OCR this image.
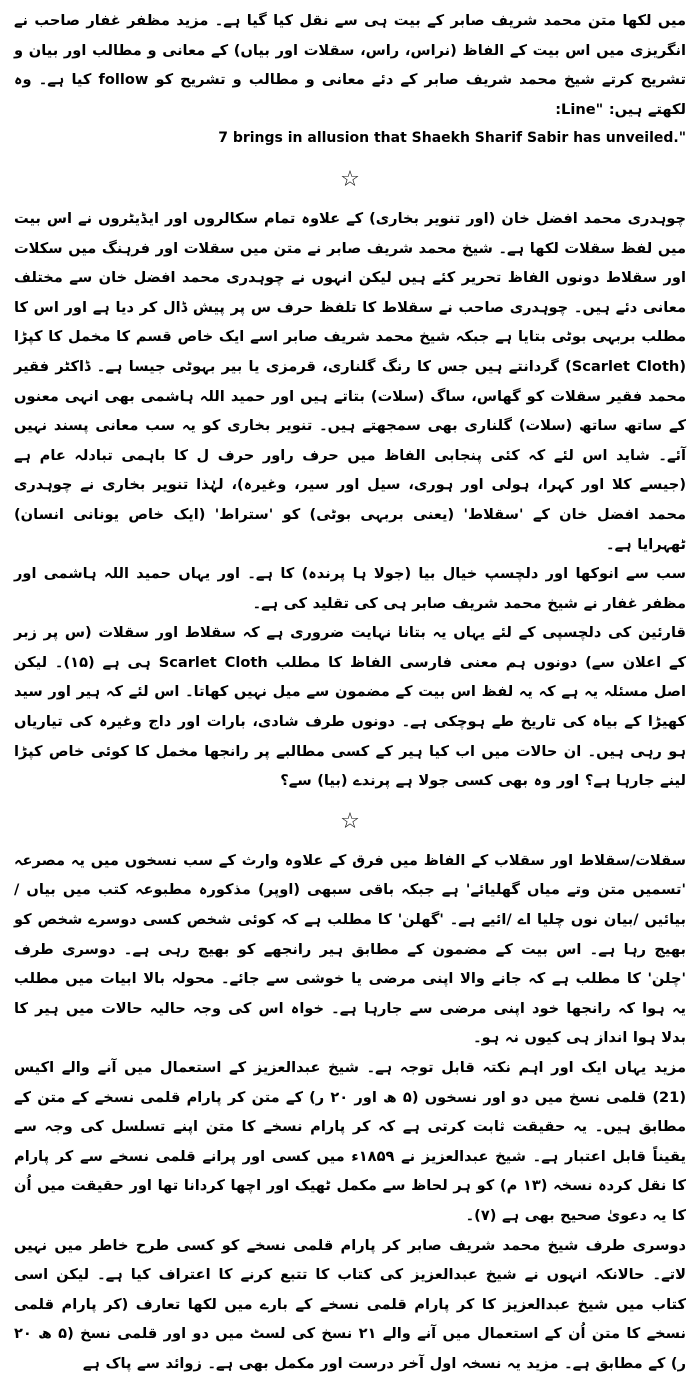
میں لکھا متن محمد شریف صابر کے بیت ہی سے نقل کیا گیا ہے۔ مزید مظفر غفار صاحب نے انگریزی میں اس بیت کے الفاظ (نراس، راس، سقلات اور بیاں) کے معانی و مطالب اور بیان و تشریح کرتے شیخ محمد شریف صابر کے دئے معانی و مطالب و تشریح کو follow کیا ہے۔ وہ لکھتے ہیں: "Line:

7 brings in allusion that Shaekh Sharif Sabir has unveiled."

☆

چوہدری محمد افضل خان (اور تنویر بخاری) کے علاوہ تمام سکالروں اور ایڈیٹروں نے اس بیت میں لفظ سقلات لکھا ہے۔ شیخ محمد شریف صابر نے متن میں سقلات اور فرہنگ میں سکلات اور سقلاط دونوں الفاظ تحریر کئے ہیں لیکن انہوں نے چوہدری محمد افضل خان سے مختلف معانی دئے ہیں۔ چوہدری صاحب نے سقلاط کا تلفظ حرف س پر پیش ڈال کر دیا ہے اور اس کا مطلب بربہی بوٹی بتایا ہے جبکہ شیخ محمد شریف صابر اسے ایک خاص قسم کا مخمل کا کپڑا (Scarlet Cloth) گردانتے ہیں جس کا رنگ گلناری، قرمزی یا بیر بہوٹی جیسا ہے۔ ڈاکٹر فقیر محمد فقیر سقلات کو گھاس، ساگ (سلات) بتاتے ہیں اور حمید اللہ ہاشمی بھی انہی معنوں کے ساتھ ساتھ (سلات) گلناری بھی سمجھتے ہیں۔ تنویر بخاری کو یہ سب معانی پسند نہیں آئے۔ شاید اس لئے کہ کئی پنجابی الفاظ میں حرف راور حرف ل کا باہمی تبادلہ عام ہے (جیسے کلا اور کہرا، ہولی اور ہوری، سیل اور سیر، وغیرہ)، لہٰذا تنویر بخاری نے چوہدری محمد افضل خان کے 'سقلاط' (یعنی بربہی بوٹی) کو 'ستراط' (ایک خاص یونانی انسان) ٹھہرایا ہے۔

سب سے انوکھا اور دلچسپ خیال بیا (جولا ہا پرندہ) کا ہے۔ اور یہاں حمید اللہ ہاشمی اور مظفر غفار نے شیخ محمد شریف صابر ہی کی تقلید کی ہے۔

قارئین کی دلچسپی کے لئے یہاں یہ بتانا نہایت ضروری ہے کہ سقلاط اور سقلات (س پر زبر کے اعلان سے) دونوں ہم معنی فارسی الفاظ کا مطلب Scarlet Cloth ہی ہے (۱۵)۔ لیکن اصل مسئلہ یہ ہے کہ یہ لفظ اس بیت کے مضمون سے میل نہیں کھاتا۔ اس لئے کہ ہیر اور سید کھیڑا کے بیاہ کی تاریخ طے ہوچکی ہے۔ دونوں طرف شادی، بارات اور داج وغیرہ کی تیاریاں ہو رہی ہیں۔ ان حالات میں اب کیا ہیر کے کسی مطالبے پر رانجھا مخمل کا کوئی خاص کپڑا لینے جارہا ہے؟ اور وہ بھی کسی جولا ہے پرندے (بیا) سے؟

☆

سقلات/سقلاط اور سقلاب کے الفاظ میں فرق کے علاوہ وارث کے سب نسخوں میں یہ مصرعہ 'تسمیں متن وتے میاں گھلیائے' ہے جبکہ باقی سبھی (اوپر) مذکورہ مطبوعہ کتب میں بیاں /بیائیں /بیان نوں چلیا اے /ائیے ہے۔ 'گھلن' کا مطلب ہے کہ کوئی شخص کسی دوسرے شخص کو بھیج رہا ہے۔ اس بیت کے مضمون کے مطابق ہیر رانجھے کو بھیج رہی ہے۔ دوسری طرف 'چلن' کا مطلب ہے کہ جانے والا اپنی مرضی یا خوشی سے جائے۔ محولہ بالا ابیات میں مطلب یہ ہوا کہ رانجھا خود اپنی مرضی سے جارہا ہے۔ خواہ اس کی وجہ حالیہ حالات میں ہیر کا بدلا ہوا انداز ہی کیوں نہ ہو۔

مزید یہاں ایک اور اہم نکتہ قابل توجہ ہے۔ شیخ عبدالعزیز کے استعمال میں آنے والے اکیس (21) قلمی نسخ میں دو اور نسخوں (۵ ھ اور ۲۰ ر) کے متن کر پارام قلمی نسخے کے متن کے مطابق ہیں۔ یہ حقیقت ثابت کرتی ہے کہ کر پارام نسخے کا متن اپنے تسلسل کی وجہ سے یقیناً قابل اعتبار ہے۔ شیخ عبدالعزیز نے ۱۸۵۹ء میں کسی اور پرانے قلمی نسخے سے کر پارام کا نقل کردہ نسخہ (۱۳ م) کو ہر لحاظ سے مکمل ٹھیک اور اچھا کردانا تھا اور حقیقت میں اُن کا یہ دعویٰ صحیح بھی ہے (۷)۔

دوسری طرف شیخ محمد شریف صابر کر پارام قلمی نسخے کو کسی طرح خاطر میں نہیں لاتے۔ حالانکہ انہوں نے شیخ عبدالعزیز کی کتاب کا تتبع کرنے کا اعتراف کیا ہے۔ لیکن اسی کتاب میں شیخ عبدالعزیز کا کر پارام قلمی نسخے کے بارے میں لکھا تعارف (کر پارام قلمی نسخے کا متن اُن کے استعمال میں آنے والے ۲۱ نسخ کی لسٹ میں دو اور قلمی نسخ (۵ ھ ۲۰ ر) کے مطابق ہے۔ مزید یہ نسخہ اول آخر درست اور مکمل بھی ہے۔ زوائد سے پاک ہے
